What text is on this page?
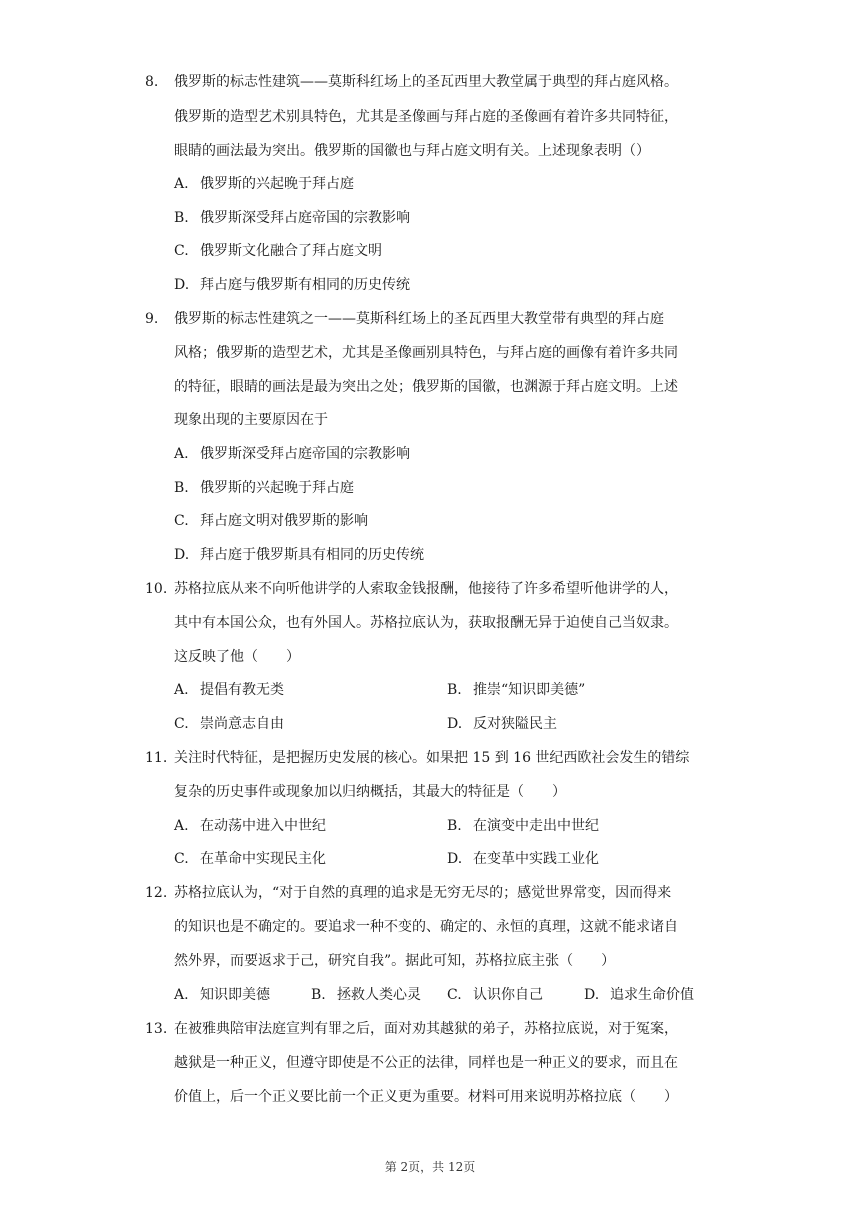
8. 俄罗斯的标志性建筑——莫斯科红场上的圣瓦西里大教堂属于典型的拜占庭风格。
俄罗斯的造型艺术别具特色，尤其是圣像画与拜占庭的圣像画有着许多共同特征，
眼睛的画法最为突出。俄罗斯的国徽也与拜占庭文明有关。上述现象表明（）
A. 俄罗斯的兴起晚于拜占庭
B. 俄罗斯深受拜占庭帝国的宗教影响
C. 俄罗斯文化融合了拜占庭文明
D. 拜占庭与俄罗斯有相同的历史传统
9. 俄罗斯的标志性建筑之一——莫斯科红场上的圣瓦西里大教堂带有典型的拜占庭
风格；俄罗斯的造型艺术，尤其是圣像画别具特色，与拜占庭的画像有着许多共同
的特征，眼睛的画法是最为突出之处；俄罗斯的国徽，也渊源于拜占庭文明。上述
现象出现的主要原因在于
A. 俄罗斯深受拜占庭帝国的宗教影响
B. 俄罗斯的兴起晚于拜占庭
C. 拜占庭文明对俄罗斯的影响
D. 拜占庭于俄罗斯具有相同的历史传统
10. 苏格拉底从来不向听他讲学的人索取金钱报酬，他接待了许多希望听他讲学的人，
其中有本国公众，也有外国人。苏格拉底认为，获取报酬无异于迫使自己当奴隶。
这反映了他（　　）
A. 提倡有教无类	B. 推崇“知识即美德”
C. 崇尚意志自由	D. 反对狭隘民主
11. 关注时代特征，是把握历史发展的核心。如果把 15 到 16 世纪西欧社会发生的错综
复杂的历史事件或现象加以归纳概括，其最大的特征是（　　）
A. 在动荡中进入中世纪	B. 在演变中走出中世纪
C. 在革命中实现民主化	D. 在变革中实践工业化
12. 苏格拉底认为，“对于自然的真理的追求是无穷无尽的；感觉世界常变，因而得来
的知识也是不确定的。要追求一种不变的、确定的、永恒的真理，这就不能求诸自
然外界，而要返求于己，研究自我”。据此可知，苏格拉底主张（　　）
A. 知识即美德	B. 拯救人类心灵 C. 认识你自己	D. 追求生命价值
13. 在被雅典陪审法庭宣判有罪之后，面对劝其越狱的弟子，苏格拉底说，对于冤案，
越狱是一种正义，但遵守即使是不公正的法律，同样也是一种正义的要求，而且在
价值上，后一个正义要比前一个正义更为重要。材料可用来说明苏格拉底（　　）
第 2页，共 12页
